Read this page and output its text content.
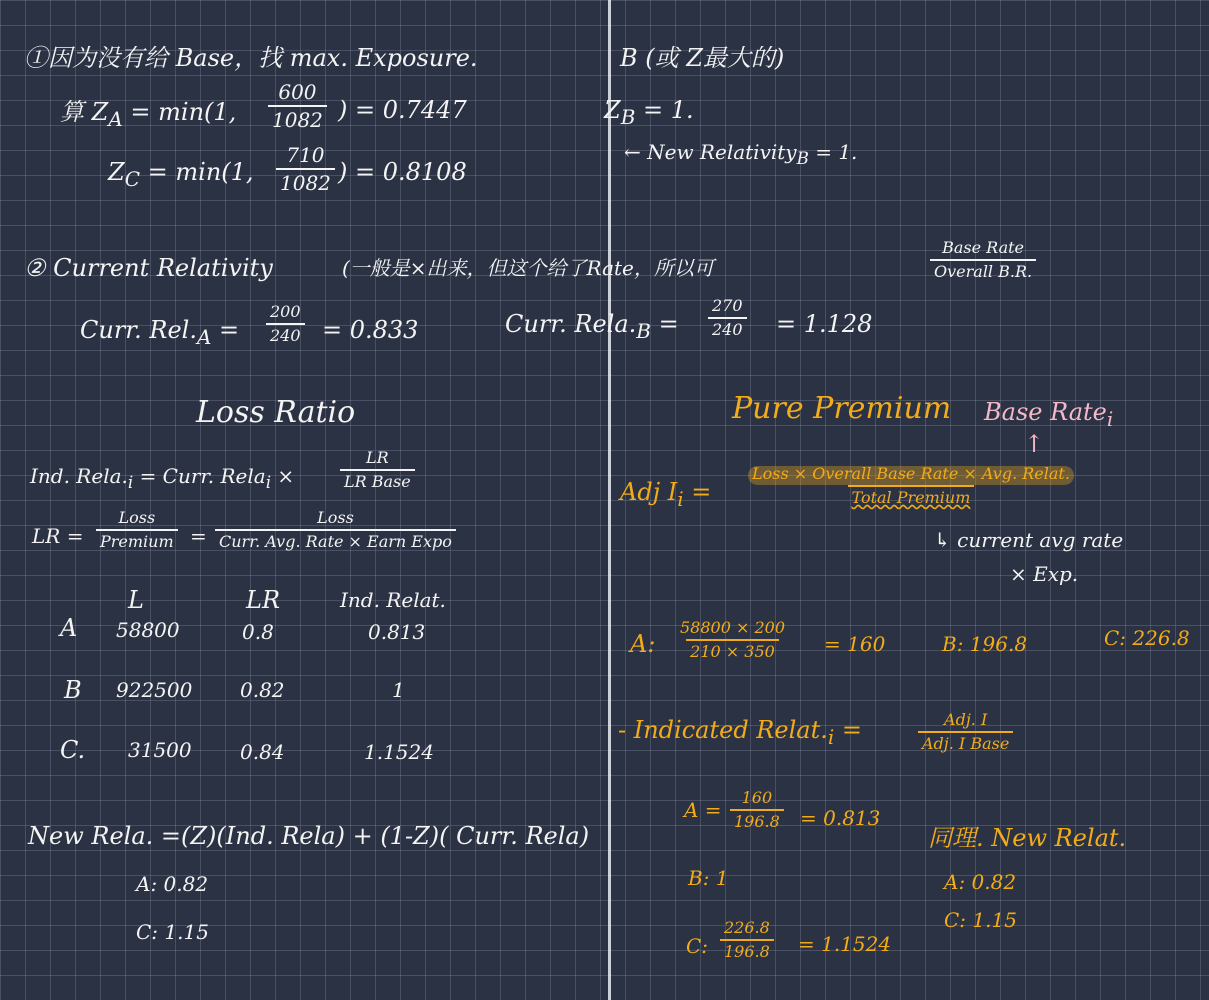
①因为没有给 Base，找 max. Exposure.
算 $Z_A = \min(1$, $\frac{600}{1082}$ ) = 0.7447
$Z_C = \min(1$, $\frac{710}{1082}$ ) = 0.8108
② Current Relativity	(一般是×出来，但这个给了Rate，所以可
Base Rate
Overall B.R.
Curr. $Rel._A = \frac{200}{240} = 0.833$	Curr. $Rela._B = \frac{270}{240} = 1.128$
Loss Ratio
Ind. $Rela._i$ = Curr. Rela$_i$ ×
LR
LR Base
LR =
Loss
Premium =
Loss
Curr. Avg. Rate × Earn Expo
L	LR	Ind. Relat.
A 58800	0.8	0.813
B 922500 0.82	1
C. 31500 0.84	1.1524
New Rela. =(Z)(Ind. Rela) + (1-Z)( Curr. Rela)
A: 0.82
C: 1.15
B (或 Z最大的)
$Z_B = 1$.
← New Relativity$_B$ = 1.
Pure Premium Base Rate$_i$
↑
Adj $I_i$ =
Loss × Overall Base Rate × Avg. Relat.
Total Premium
↳ current avg rate
× Exp.
A: $\frac{58800 \times 200}{210 \times 350} = 160$	B: 196.8	C: 226.8
- Indicated $Relat._i$ =	Adj. I
Adj. I Base
$A = \frac{160}{196.8} = 0.813$
B: 1
C: $\frac{226.8}{196.8} = 1.1524$
同理. New Relat.
A: 0.82
C: 1.15
